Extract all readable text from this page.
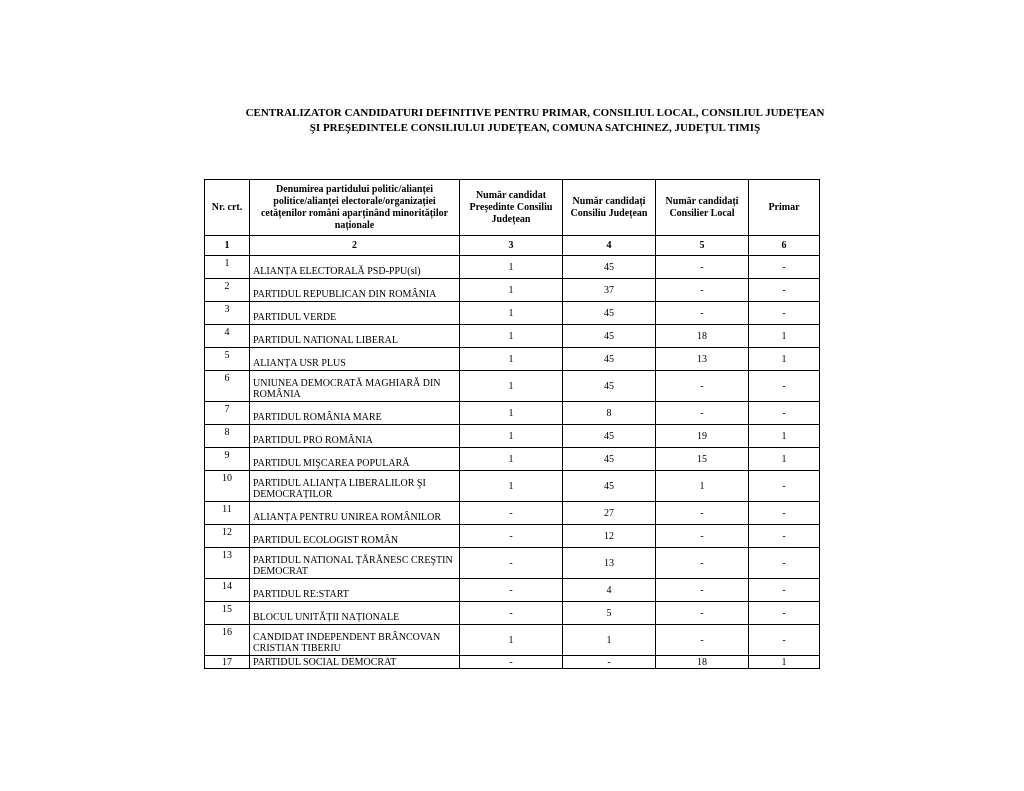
CENTRALIZATOR CANDIDATURI DEFINITIVE PENTRU PRIMAR, CONSILIUL LOCAL, CONSILIUL JUDEȚEAN
ŞI PREŞEDINTELE CONSILIULUI JUDEȚEAN, COMUNA SATCHINEZ, JUDEȚUL TIMIŞ
Nr. crt.	Denumirea partidului politic/alianței politice/alianței electorale/organizației cetățenilor români aparținând minorităților naționale	Număr candidat Președinte Consiliu Județean	Număr candidați Consiliu Județean	Număr candidați Consilier Local	Primar
1	2	3	4	5	6
1	ALIANȚA ELECTORALĂ PSD-PPU(sl)	1	45	-	-
2	PARTIDUL REPUBLICAN DIN ROMÂNIA	1	37	-	-
3	PARTIDUL VERDE	1	45	-	-
4	PARTIDUL NATIONAL LIBERAL	1	45	18	1
5	ALIANȚA USR PLUS	1	45	13	1
6	UNIUNEA DEMOCRATĂ MAGHIARĂ DIN ROMÂNIA	1	45	-	-
7	PARTIDUL ROMÂNIA MARE	1	8	-	-
8	PARTIDUL PRO ROMÂNIA	1	45	19	1
9	PARTIDUL MIŞCAREA POPULARĂ	1	45	15	1
10	PARTIDUL ALIANȚA LIBERALILOR ŞI DEMOCRAȚILOR	1	45	1	-
11	ALIANȚA PENTRU UNIREA ROMÂNILOR	-	27	-	-
12	PARTIDUL ECOLOGIST ROMÂN	-	12	-	-
13	PARTIDUL NATIONAL ȚĂRĂNESC CREŞTIN DEMOCRAT	-	13	-	-
14	PARTIDUL RE:START	-	4	-	-
15	BLOCUL UNITĂȚII NAȚIONALE	-	5	-	-
16	CANDIDAT INDEPENDENT BRÂNCOVAN CRISTIAN TIBERIU	1	1	-	-
17	PARTIDUL SOCIAL DEMOCRAT	-	-	18	1
